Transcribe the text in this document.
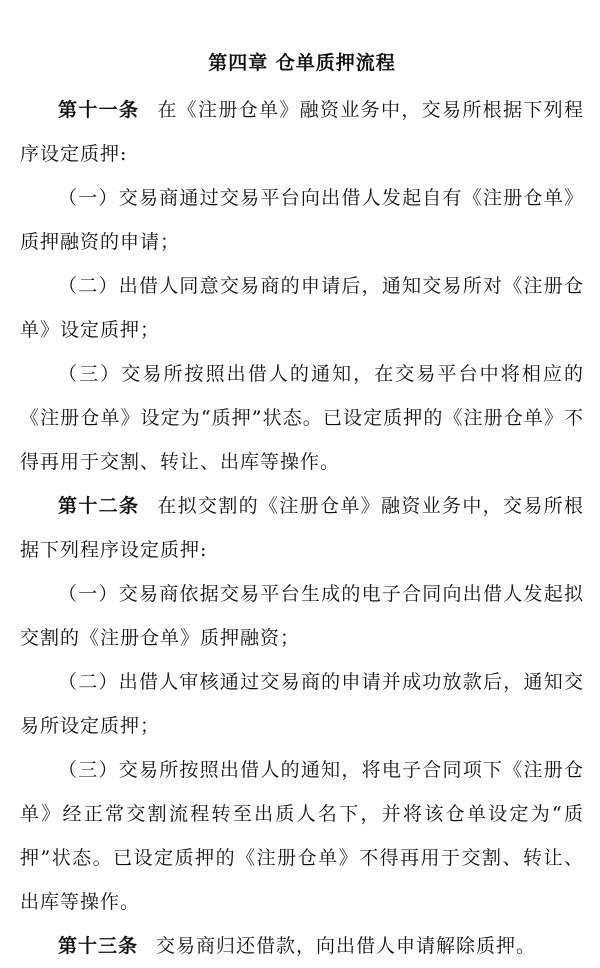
第四章 仓单质押流程

第十一条 在《注册仓单》融资业务中，交易所根据下列程序设定质押:

（一）交易商通过交易平台向出借人发起自有《注册仓单》质押融资的申请；

（二）出借人同意交易商的申请后，通知交易所对《注册仓单》设定质押；

（三）交易所按照出借人的通知，在交易平台中将相应的《注册仓单》设定为“质押”状态。已设定质押的《注册仓单》不得再用于交割、转让、出库等操作。

第十二条 在拟交割的《注册仓单》融资业务中，交易所根据下列程序设定质押:

（一）交易商依据交易平台生成的电子合同向出借人发起拟交割的《注册仓单》质押融资；

（二）出借人审核通过交易商的申请并成功放款后，通知交易所设定质押；

（三）交易所按照出借人的通知，将电子合同项下《注册仓单》经正常交割流程转至出质人名下，并将该仓单设定为“质押”状态。已设定质押的《注册仓单》不得再用于交割、转让、出库等操作。

第十三条 交易商归还借款，向出借人申请解除质押。
